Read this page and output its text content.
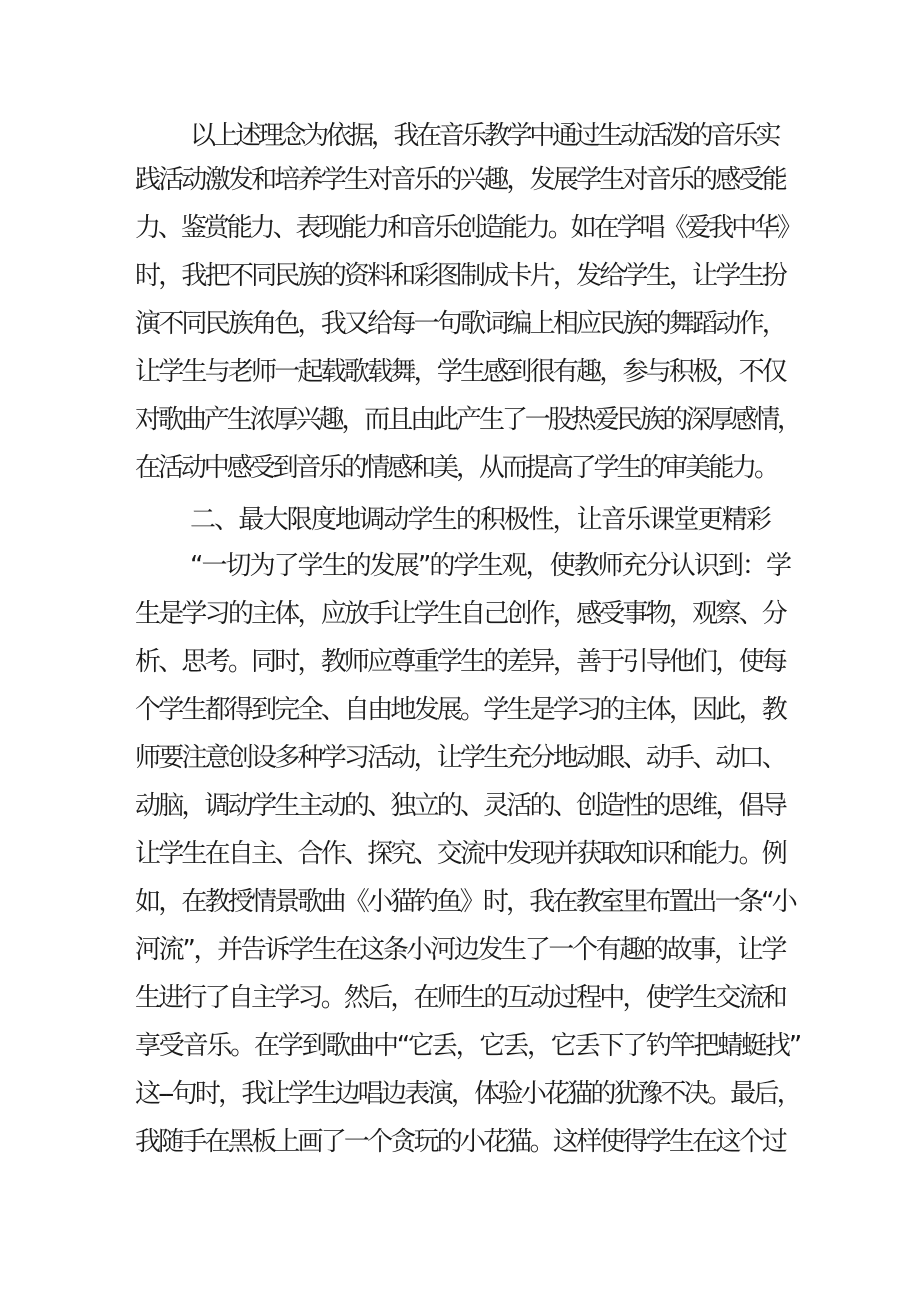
以上述理念为依据，我在音乐教学中通过生动活泼的音乐实
践活动激发和培养学生对音乐的兴趣，发展学生对音乐的感受能
力、鉴赏能力、表现能力和音乐创造能力。如在学唱《爱我中华》
时，我把不同民族的资料和彩图制成卡片，发给学生，让学生扮
演不同民族角色，我又给每一句歌词编上相应民族的舞蹈动作，
让学生与老师一起载歌载舞，学生感到很有趣，参与积极，不仅
对歌曲产生浓厚兴趣，而且由此产生了一股热爱民族的深厚感情，
在活动中感受到音乐的情感和美，从而提高了学生的审美能力。
二、最大限度地调动学生的积极性，让音乐课堂更精彩
“一切为了学生的发展”的学生观，使教师充分认识到：学
生是学习的主体，应放手让学生自己创作，感受事物，观察、分
析、思考。同时，教师应尊重学生的差异，善于引导他们，使每
个学生都得到完全、自由地发展。学生是学习的主体，因此，教
师要注意创设多种学习活动，让学生充分地动眼、动手、动口、
动脑，调动学生主动的、独立的、灵活的、创造性的思维，倡导
让学生在自主、合作、探究、交流中发现并获取知识和能力。例
如，在教授情景歌曲《小猫钓鱼》时，我在教室里布置出一条“小
河流”，并告诉学生在这条小河边发生了一个有趣的故事，让学
生进行了自主学习。然后，在师生的互动过程中，使学生交流和
享受音乐。在学到歌曲中“它丢，它丢，它丢下了钓竿把蜻蜓找”
这--句时，我让学生边唱边表演，体验小花猫的犹豫不决。最后，
我随手在黑板上画了一个贪玩的小花猫。这样使得学生在这个过
